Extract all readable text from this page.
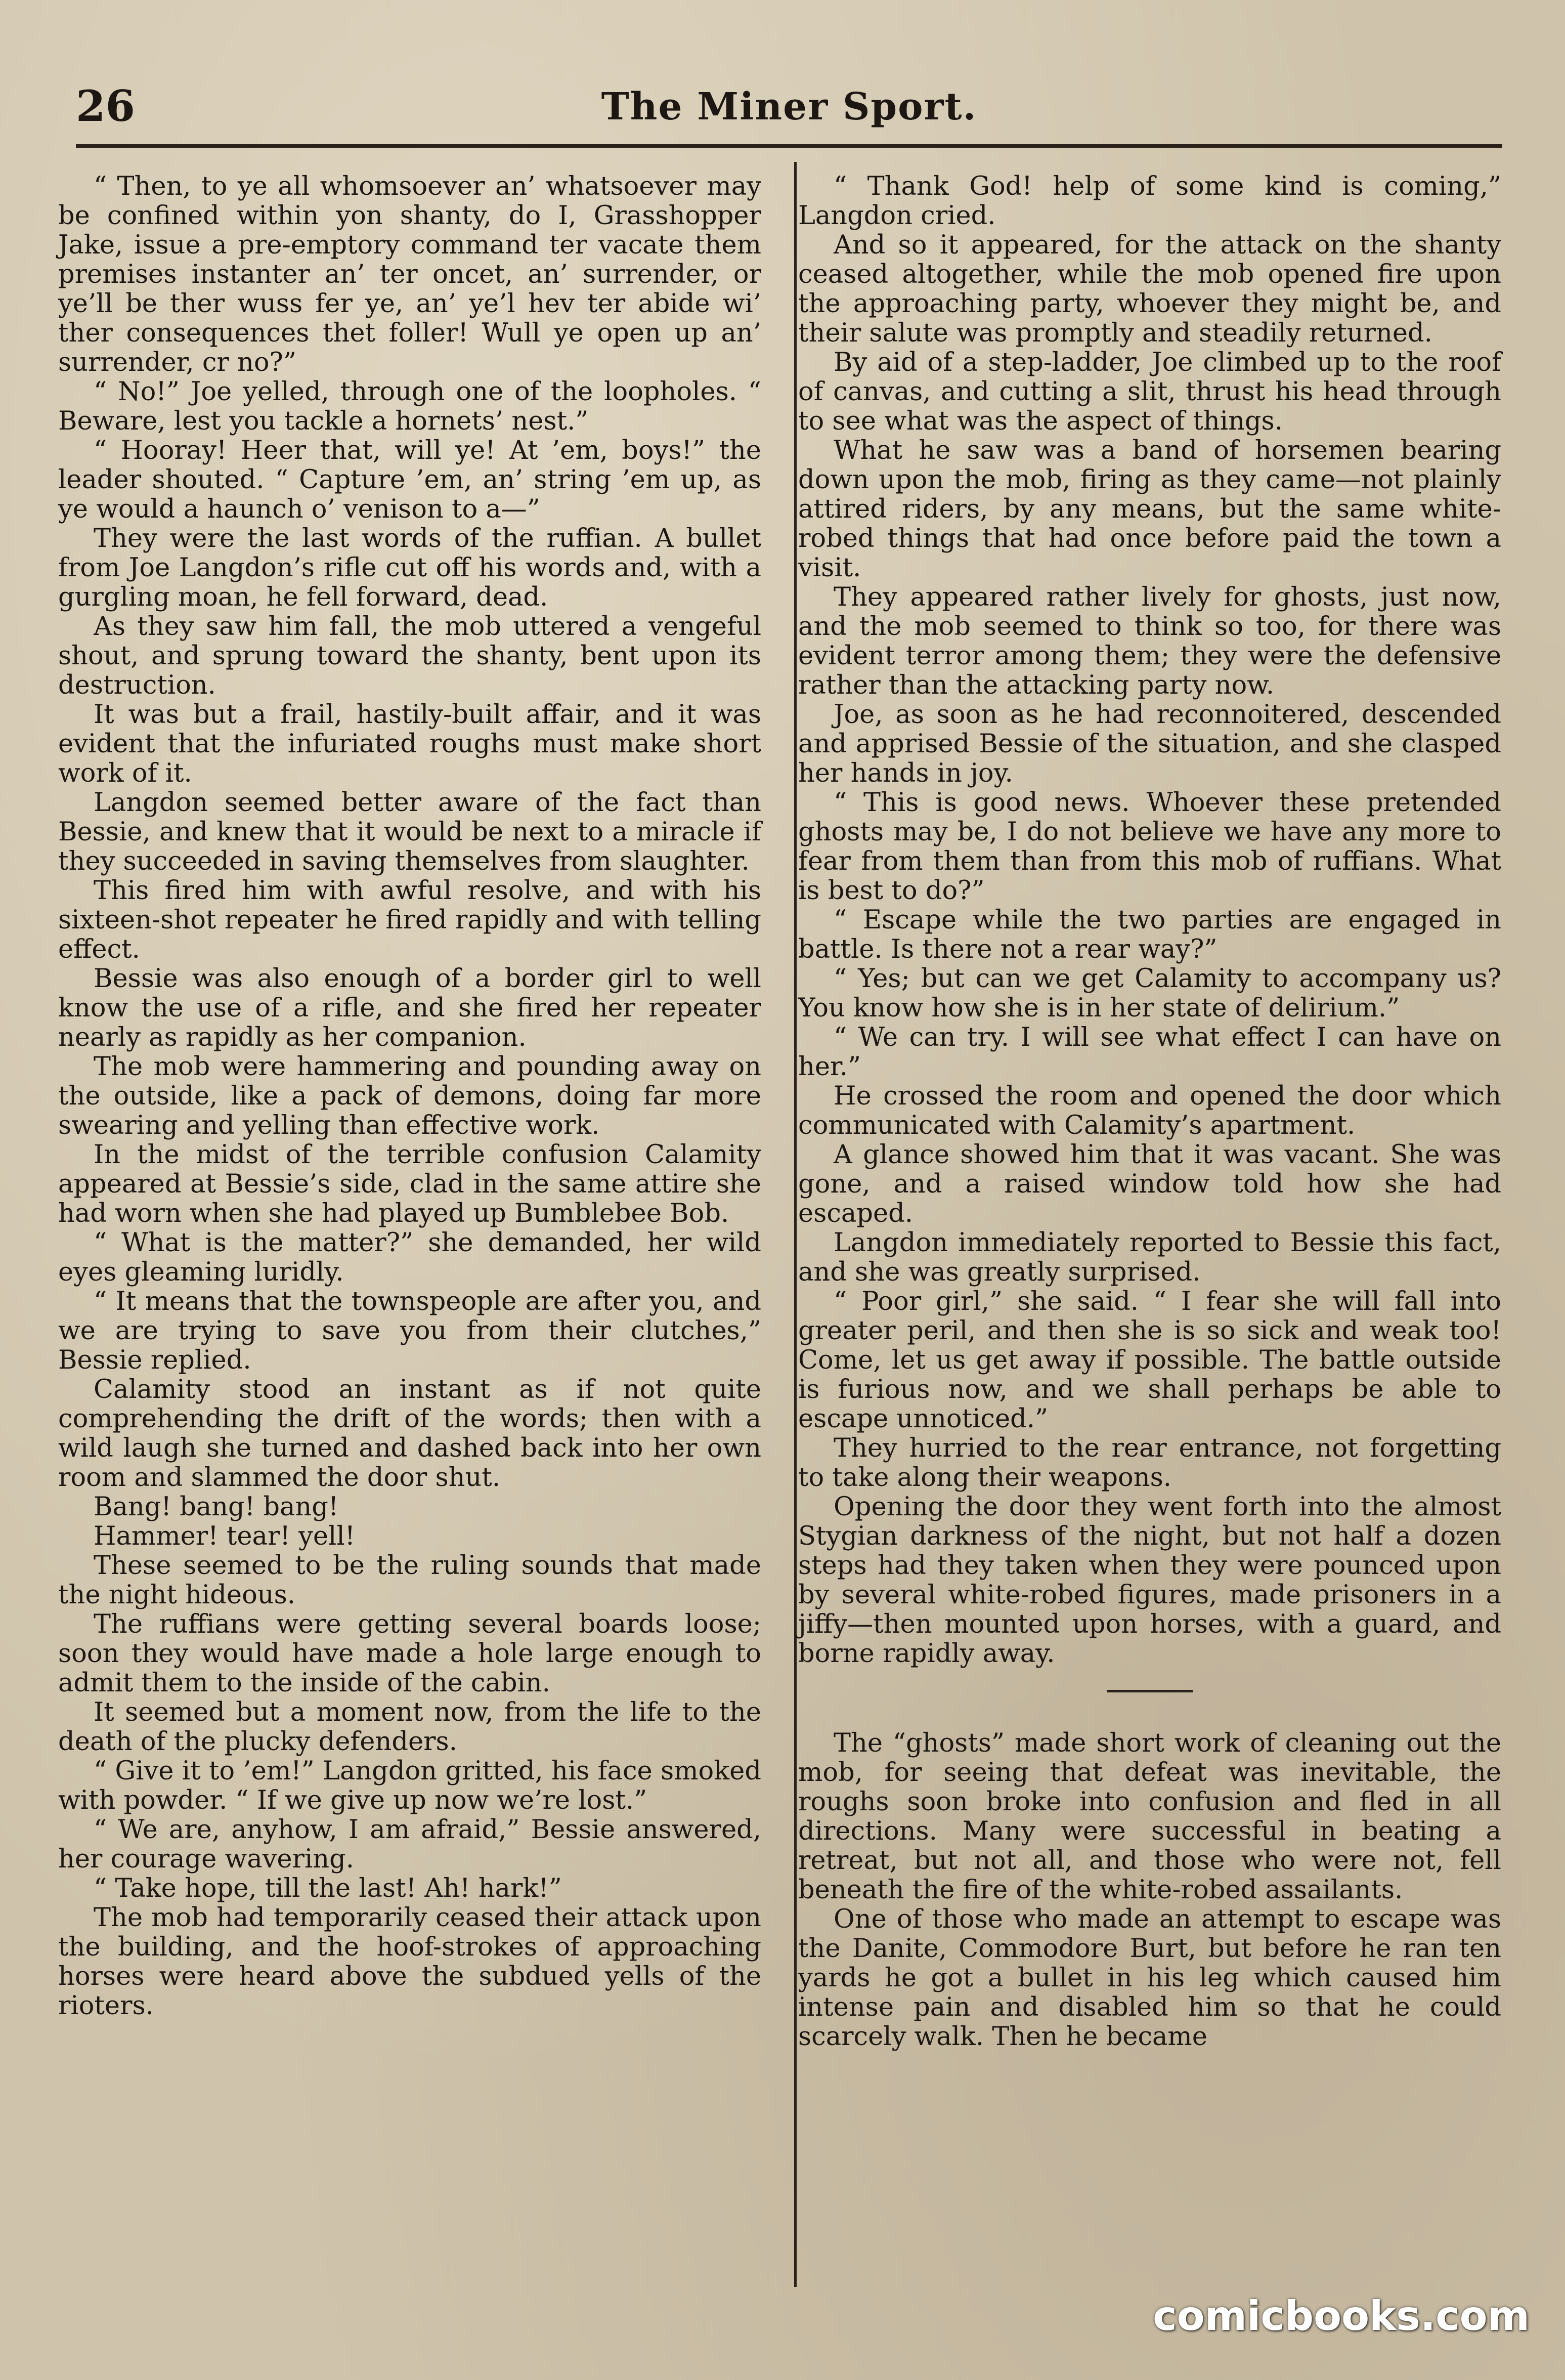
26	The Miner Sport.

“ Then, to ye all whomsoever an’ whatsoever may be confined within yon shanty, do I, Grasshopper Jake, issue a pre-emptory command ter vacate them premises instanter an’ ter oncet, an’ surrender, or ye’ll be ther wuss fer ye, an’ ye’l hev ter abide wi’ ther consequences thet foller! Wull ye open up an’ surrender, cr no?”

“ No!” Joe yelled, through one of the loopholes. “ Beware, lest you tackle a hornets’ nest.”

“ Hooray! Heer that, will ye! At ’em, boys!” the leader shouted. “ Capture ’em, an’ string ’em up, as ye would a haunch o’ venison to a—”

They were the last words of the ruffian. A bullet from Joe Langdon’s rifle cut off his words and, with a gurgling moan, he fell forward, dead.

As they saw him fall, the mob uttered a vengeful shout, and sprung toward the shanty, bent upon its destruction.

It was but a frail, hastily-built affair, and it was evident that the infuriated roughs must make short work of it.

Langdon seemed better aware of the fact than Bessie, and knew that it would be next to a miracle if they succeeded in saving themselves from slaughter.

This fired him with awful resolve, and with his sixteen-shot repeater he fired rapidly and with telling effect.

Bessie was also enough of a border girl to well know the use of a rifle, and she fired her repeater nearly as rapidly as her companion.

The mob were hammering and pounding away on the outside, like a pack of demons, doing far more swearing and yelling than effective work.

In the midst of the terrible confusion Calamity appeared at Bessie’s side, clad in the same attire she had worn when she had played up Bumblebee Bob.

“ What is the matter?” she demanded, her wild eyes gleaming luridly.

“ It means that the townspeople are after you, and we are trying to save you from their clutches,” Bessie replied.

Calamity stood an instant as if not quite comprehending the drift of the words; then with a wild laugh she turned and dashed back into her own room and slammed the door shut.

Bang! bang! bang!

Hammer! tear! yell!

These seemed to be the ruling sounds that made the night hideous.

The ruffians were getting several boards loose; soon they would have made a hole large enough to admit them to the inside of the cabin.

It seemed but a moment now, from the life to the death of the plucky defenders.

“ Give it to ’em!” Langdon gritted, his face smoked with powder. “ If we give up now we’re lost.”

“ We are, anyhow, I am afraid,” Bessie answered, her courage wavering.

“ Take hope, till the last! Ah! hark!”

The mob had temporarily ceased their attack upon the building, and the hoof-strokes of approaching horses were heard above the subdued yells of the rioters.

“ Thank God! help of some kind is coming,” Langdon cried.

And so it appeared, for the attack on the shanty ceased altogether, while the mob opened fire upon the approaching party, whoever they might be, and their salute was promptly and steadily returned.

By aid of a step-ladder, Joe climbed up to the roof of canvas, and cutting a slit, thrust his head through to see what was the aspect of things.

What he saw was a band of horsemen bearing down upon the mob, firing as they came—not plainly attired riders, by any means, but the same white-robed things that had once before paid the town a visit.

They appeared rather lively for ghosts, just now, and the mob seemed to think so too, for there was evident terror among them; they were the defensive rather than the attacking party now.

Joe, as soon as he had reconnoitered, descended and apprised Bessie of the situation, and she clasped her hands in joy.

“ This is good news. Whoever these pretended ghosts may be, I do not believe we have any more to fear from them than from this mob of ruffians. What is best to do?”

“ Escape while the two parties are engaged in battle. Is there not a rear way?”

“ Yes; but can we get Calamity to accompany us? You know how she is in her state of delirium.”

“ We can try. I will see what effect I can have on her.”

He crossed the room and opened the door which communicated with Calamity’s apartment.

A glance showed him that it was vacant. She was gone, and a raised window told how she had escaped.

Langdon immediately reported to Bessie this fact, and she was greatly surprised.

“ Poor girl,” she said. “ I fear she will fall into greater peril, and then she is so sick and weak too! Come, let us get away if possible. The battle outside is furious now, and we shall perhaps be able to escape unnoticed.”

They hurried to the rear entrance, not forgetting to take along their weapons.

Opening the door they went forth into the almost Stygian darkness of the night, but not half a dozen steps had they taken when they were pounced upon by several white-robed figures, made prisoners in a jiffy—then mounted upon horses, with a guard, and borne rapidly away.

The “ghosts” made short work of cleaning out the mob, for seeing that defeat was inevitable, the roughs soon broke into confusion and fled in all directions. Many were successful in beating a retreat, but not all, and those who were not, fell beneath the fire of the white-robed assailants.

One of those who made an attempt to escape was the Danite, Commodore Burt, but before he ran ten yards he got a bullet in his leg which caused him intense pain and disabled him so that he could scarcely walk. Then he became

comicbooks.com
